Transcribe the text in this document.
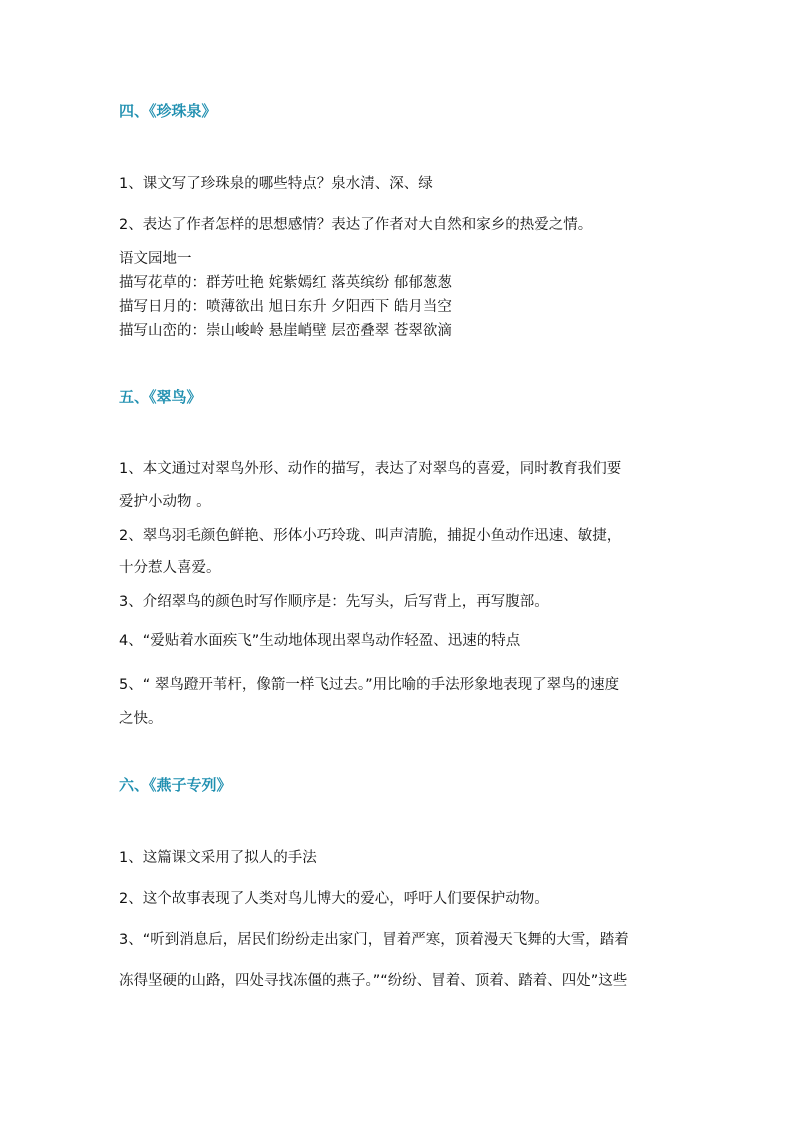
四、《珍珠泉》
1、课文写了珍珠泉的哪些特点？泉水清、深、绿
2、表达了作者怎样的思想感情？表达了作者对大自然和家乡的热爱之情。
语文园地一
描写花草的：群芳吐艳 姹紫嫣红 落英缤纷 郁郁葱葱
描写日月的：喷薄欲出 旭日东升 夕阳西下 皓月当空
描写山峦的：崇山峻岭 悬崖峭壁 层峦叠翠 苍翠欲滴
五、《翠鸟》
1、本文通过对翠鸟外形、动作的描写，表达了对翠鸟的喜爱，同时教育我们要
爱护小动物 。
2、翠鸟羽毛颜色鲜艳、形体小巧玲珑、叫声清脆，捕捉小鱼动作迅速、敏捷，
十分惹人喜爱。
3、介绍翠鸟的颜色时写作顺序是：先写头，后写背上，再写腹部。
4、“爱贴着水面疾飞”生动地体现出翠鸟动作轻盈、迅速的特点
5、“ 翠鸟蹬开苇杆，像箭一样飞过去。”用比喻的手法形象地表现了翠鸟的速度
之快。
六、《燕子专列》
1、这篇课文采用了拟人的手法
2、这个故事表现了人类对鸟儿博大的爱心，呼吁人们要保护动物。
3、“听到消息后，居民们纷纷走出家门，冒着严寒，顶着漫天飞舞的大雪，踏着
冻得坚硬的山路，四处寻找冻僵的燕子。”“纷纷、冒着、顶着、踏着、四处”这些
